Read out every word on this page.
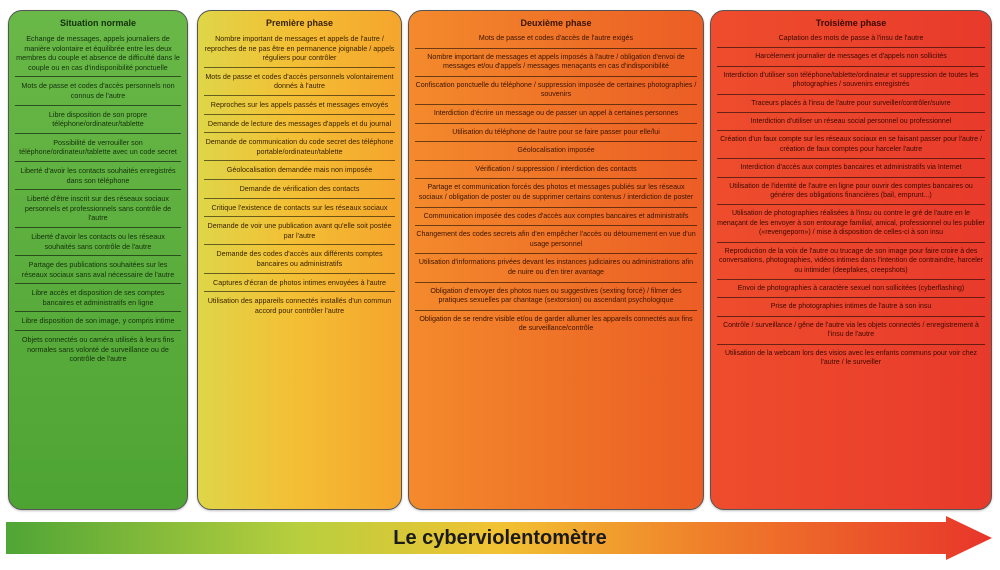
Situation normale
Echange de messages, appels journaliers de manière volontaire et équilibrée entre les deux membres du couple et absence de difficulté dans le couple ou en cas d'indisponibilité ponctuelle
Mots de passe et codes d'accès personnels non connus de l'autre
Libre disposition de son propre téléphone/ordinateur/tablette
Possibilité de verrouiller son téléphone/ordinateur/tablette avec un code secret
Liberté d'avoir les contacts souhaités enregistrés dans son téléphone
Liberté d'être inscrit sur des réseaux sociaux personnels et professionnels sans contrôle de l'autre
Liberté d'avoir les contacts ou les réseaux souhaités sans contrôle de l'autre
Partage des publications souhaitées sur les réseaux sociaux sans aval nécessaire de l'autre
Libre accès et disposition de ses comptes bancaires et administratifs en ligne
Libre disposition de son image, y compris intime
Objets connectés ou caméra utilisés à leurs fins normales sans volonté de surveillance ou de contrôle de l'autre
Première phase
Nombre important de messages et appels de l'autre / reproches de ne pas être en permanence joignable / appels réguliers pour contrôler
Mots de passe et codes d'accès personnels volontairement donnés à l'autre
Reproches sur les appels passés et messages envoyés
Demande de lecture des messages d'appels et du journal
Demande de communication du code secret des téléphone portable/ordinateur/tablette
Géolocalisation demandée mais non imposée
Demande de vérification des contacts
Critique l'existence de contacts sur les réseaux sociaux
Demande de voir une publication avant qu'elle soit postée par l'autre
Demande des codes d'accès aux différents comptes bancaires ou administratifs
Captures d'écran de photos intimes envoyées à l'autre
Utilisation des appareils connectés installés d'un commun accord pour contrôler l'autre
Deuxième phase
Mots de passe et codes d'accès de l'autre exigés
Nombre important de messages et appels imposés à l'autre / obligation d'envoi de messages et/ou d'appels / messages menaçants en cas d'indisponibilité
Confiscation ponctuelle du téléphone / suppression imposée de certaines photographies / souvenirs
Interdiction d'écrire un message ou de passer un appel à certaines personnes
Utilisation du téléphone de l'autre pour se faire passer pour elle/lui
Géolocalisation imposée
Vérification / suppression / interdiction des contacts
Partage et communication forcés des photos et messages publiés sur les réseaux sociaux / obligation de poster ou de supprimer certains contenus / interdiction de poster
Communication imposée des codes d'accès aux comptes bancaires et administratifs
Changement des codes secrets afin d'en empêcher l'accès ou détournement en vue d'un usage personnel
Utilisation d'informations privées devant les instances judiciaires ou administrations afin de nuire ou d'en tirer avantage
Obligation d'envoyer des photos nues ou suggestives (sexting forcé) / filmer des pratiques sexuelles par chantage (sextorsion) ou ascendant psychologique
Obligation de se rendre visible et/ou de garder allumer les appareils connectés aux fins de surveillance/contrôle
Troisième phase
Captation des mots de passe à l'insu de l'autre
Harcèlement journalier de messages et d'appels non sollicités
Interdiction d'utiliser son téléphone/tablette/ordinateur et suppression de toutes les photographies / souvenirs enregistrés
Traceurs placés à l'insu de l'autre pour surveiller/contrôler/suivre
Interdiction d'utiliser un réseau social personnel ou professionnel
Création d'un faux compte sur les réseaux sociaux en se faisant passer pour l'autre / création de faux comptes pour harceler l'autre
Interdiction d'accès aux comptes bancaires et administratifs via Internet
Utilisation de l'identité de l'autre en ligne pour ouvrir des comptes bancaires ou générer des obligations financières (bail, emprunt...)
Utilisation de photographies réalisées à l'insu ou contre le gré de l'autre en le menaçant de les envoyer à son entourage familial, amical, professionnel ou les publier («revengeporn») / mise à disposition de celles-ci à son insu
Reproduction de la voix de l'autre ou trucage de son image pour faire croire à des conversations, photographies, vidéos intimes dans l'intention de contraindre, harceler ou intimider (deepfakes, creepshots)
Envoi de photographies à caractère sexuel non sollicitées (cyberflashing)
Prise de photographies intimes de l'autre à son insu
Contrôle / surveillance / gêne de l'autre via les objets connectés / enregistrement à l'insu de l'autre
Utilisation de la webcam lors des visios avec les enfants communs pour voir chez l'autre / le surveiller
Le cyberviolentomètre
